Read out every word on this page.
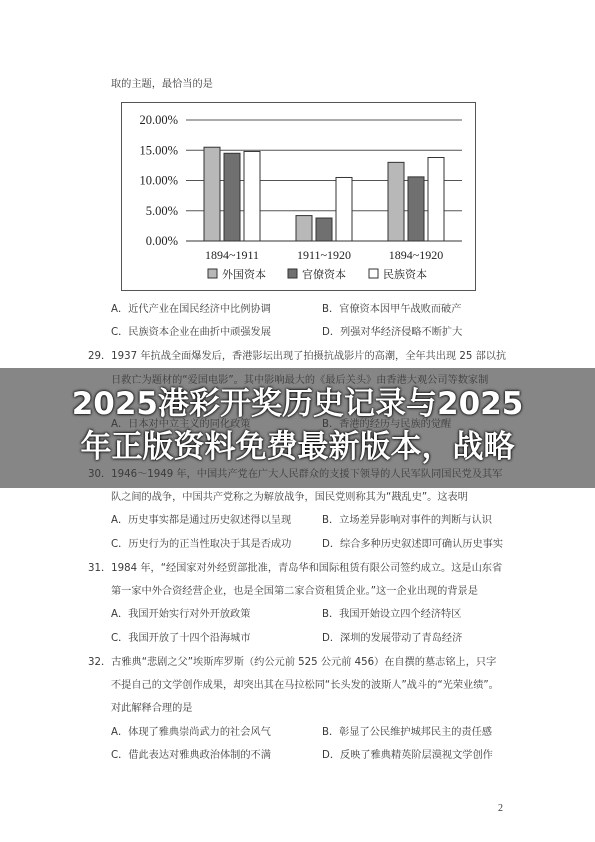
取的主题，最恰当的是
20.00%
15.00%
10.00%
5.00%
0.00%
1894~1911	1911~1920	1894~1920
外国资本	官僚资本	民族资本
A．近代产业在国民经济中比例协调	B．官僚资本因甲午战败而破产
C．民族资本企业在曲折中顽强发展	D．列强对华经济侵略不断扩大
29．1937 年抗战全面爆发后，香港影坛出现了拍摄抗战影片的高潮，全年共出现 25 部以抗
队之间的战争，中国共产党称之为解放战争，国民党则称其为“戡乱史”。这表明
A．历史事实都是通过历史叙述得以呈现	B．立场差异影响对事件的判断与认识
C．历史行为的正当性取决于其是否成功	D．综合多种历史叙述即可确认历史事实
31．1984 年，“经国家对外经贸部批准，青岛华和国际租赁有限公司签约成立。这是山东省
第一家中外合资经营企业，也是全国第二家合资租赁企业。”这一企业出现的背景是
A．我国开始实行对外开放政策	B．我国开始设立四个经济特区
C．我国开放了十四个沿海城市	D．深圳的发展带动了青岛经济
32．古雅典“悲剧之父”埃斯库罗斯（约公元前 525 公元前 456）在自撰的墓志铭上，只字
不提自己的文学创作成果，却突出其在马拉松同“长头发的波斯人”战斗的“光荣业绩”。
对此解释合理的是
A．体现了雅典崇尚武力的社会风气	B．彰显了公民维护城邦民主的责任感
C．借此表达对雅典政治体制的不满	D．反映了雅典精英阶层漠视文学创作
2
2025港彩开奖历史记录与2025
年正版资料免费最新版本，战略
